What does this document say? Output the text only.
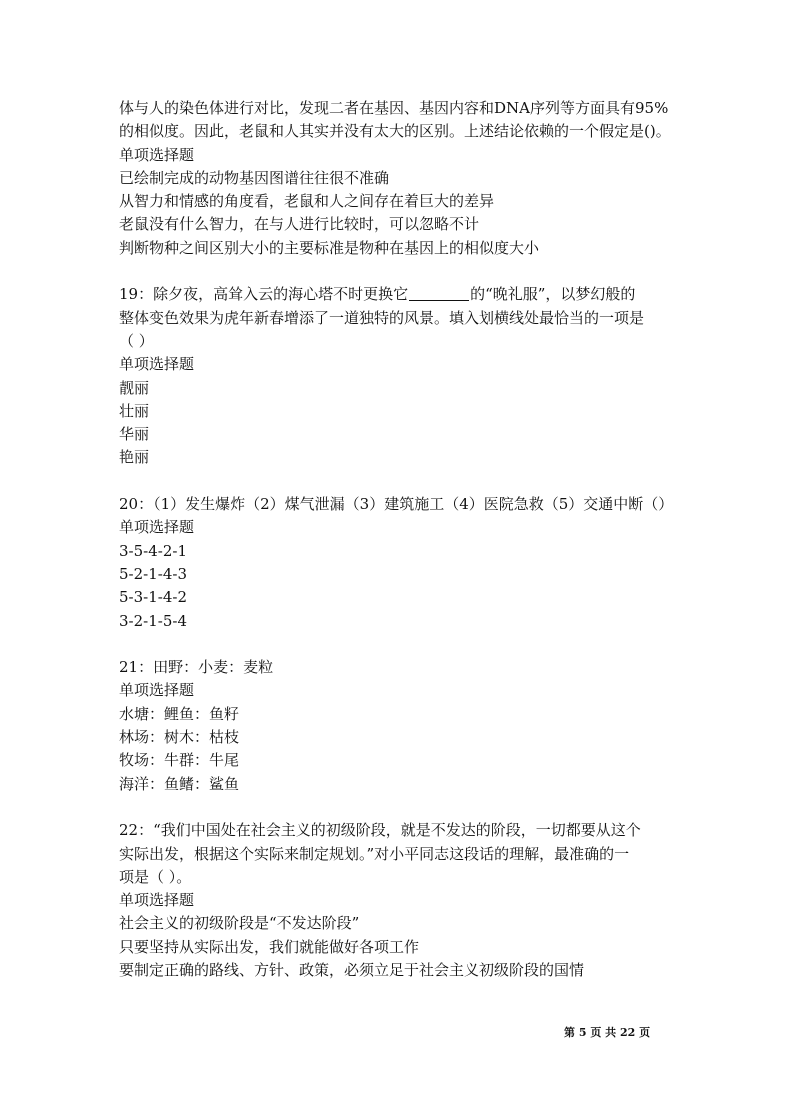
体与人的染色体进行对比，发现二者在基因、基因内容和DNA序列等方面具有95%
的相似度。因此，老鼠和人其实并没有太大的区别。上述结论依赖的一个假定是()。
单项选择题
已绘制完成的动物基因图谱往往很不准确
从智力和情感的角度看，老鼠和人之间存在着巨大的差异
老鼠没有什么智力，在与人进行比较时，可以忽略不计
判断物种之间区别大小的主要标准是物种在基因上的相似度大小
19：除夕夜，高耸入云的海心塔不时更换它	的“晚礼服”，以梦幻般的
整体变色效果为虎年新春增添了一道独特的风景。填入划横线处最恰当的一项是
（ ）
单项选择题
靓丽
壮丽
华丽
艳丽
20：（1）发生爆炸（2）煤气泄漏（3）建筑施工（4）医院急救（5）交通中断（）
单项选择题
3-5-4-2-1
5-2-1-4-3
5-3-1-4-2
3-2-1-5-4
21：田野：小麦：麦粒
单项选择题
水塘：鲤鱼：鱼籽
林场：树木：枯枝
牧场：牛群：牛尾
海洋：鱼鳍：鲨鱼
22：“我们中国处在社会主义的初级阶段，就是不发达的阶段，一切都要从这个
实际出发，根据这个实际来制定规划。”对小平同志这段话的理解，最准确的一
项是（ ）。
单项选择题
社会主义的初级阶段是“不发达阶段”
只要坚持从实际出发，我们就能做好各项工作
要制定正确的路线、方针、政策，必须立足于社会主义初级阶段的国情
第 5 页 共 22 页
